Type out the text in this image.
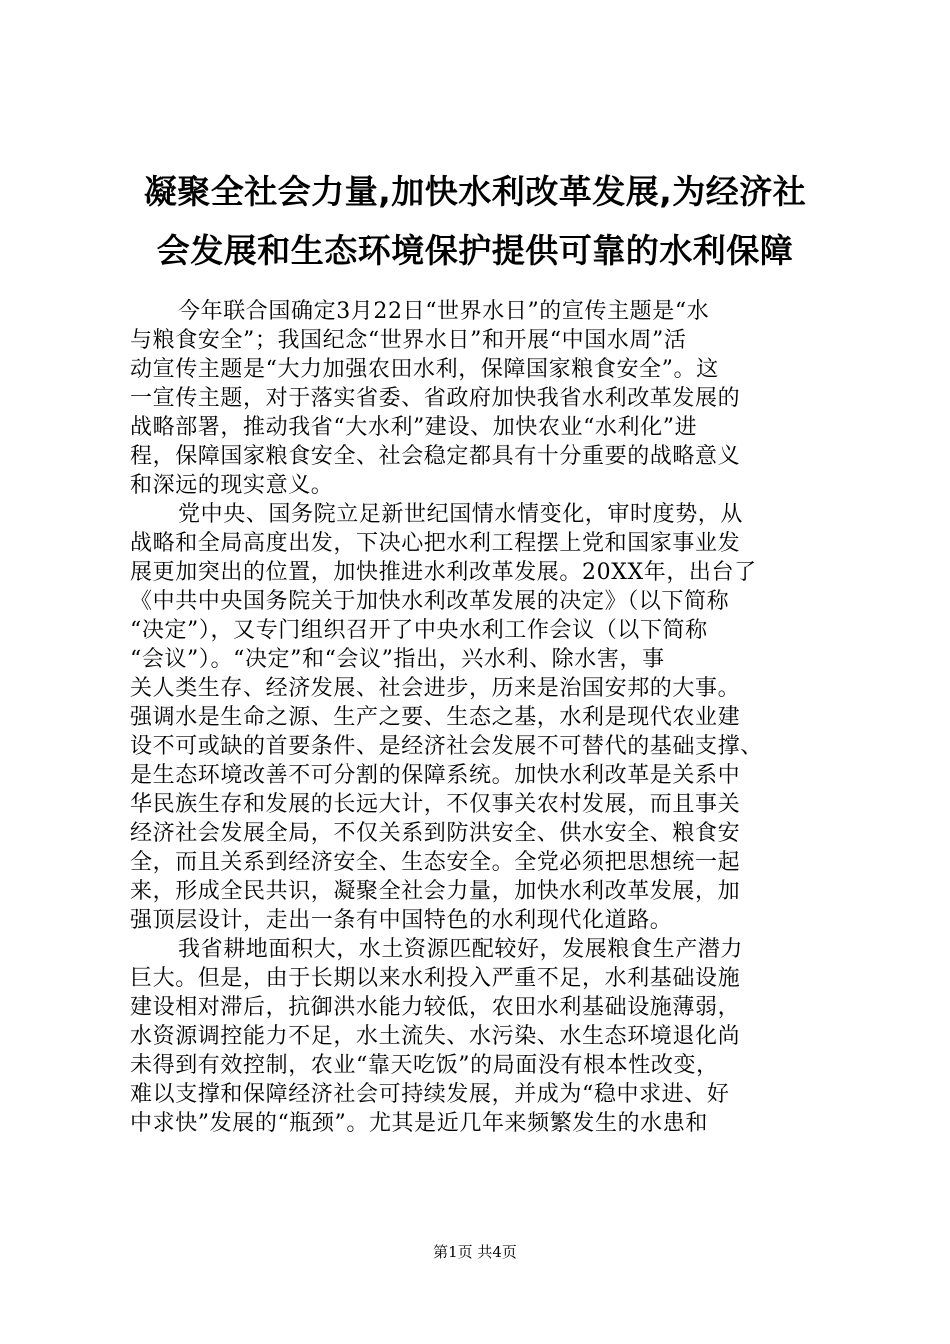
凝聚全社会力量,加快水利改革发展,为经济社
会发展和生态环境保护提供可靠的水利保障
今年联合国确定3月22日“世界水日”的宣传主题是“水
与粮食安全”；我国纪念“世界水日”和开展“中国水周”活
动宣传主题是“大力加强农田水利，保障国家粮食安全”。这
一宣传主题，对于落实省委、省政府加快我省水利改革发展的
战略部署，推动我省“大水利”建设、加快农业“水利化”进
程，保障国家粮食安全、社会稳定都具有十分重要的战略意义
和深远的现实意义。
党中央、国务院立足新世纪国情水情变化，审时度势，从
战略和全局高度出发，下决心把水利工程摆上党和国家事业发
展更加突出的位置，加快推进水利改革发展。20XX年，出台了
《中共中央国务院关于加快水利改革发展的决定》（以下简称
“决定”），又专门组织召开了中央水利工作会议（以下简称
“会议”）。“决定”和“会议”指出，兴水利、除水害，事
关人类生存、经济发展、社会进步，历来是治国安邦的大事。
强调水是生命之源、生产之要、生态之基，水利是现代农业建
设不可或缺的首要条件、是经济社会发展不可替代的基础支撑、
是生态环境改善不可分割的保障系统。加快水利改革是关系中
华民族生存和发展的长远大计，不仅事关农村发展，而且事关
经济社会发展全局，不仅关系到防洪安全、供水安全、粮食安
全，而且关系到经济安全、生态安全。全党必须把思想统一起
来，形成全民共识，凝聚全社会力量，加快水利改革发展，加
强顶层设计，走出一条有中国特色的水利现代化道路。
我省耕地面积大，水土资源匹配较好，发展粮食生产潜力
巨大。但是，由于长期以来水利投入严重不足，水利基础设施
建设相对滞后，抗御洪水能力较低，农田水利基础设施薄弱，
水资源调控能力不足，水土流失、水污染、水生态环境退化尚
未得到有效控制，农业“靠天吃饭”的局面没有根本性改变，
难以支撑和保障经济社会可持续发展，并成为“稳中求进、好
中求快”发展的“瓶颈”。尤其是近几年来频繁发生的水患和
第1页 共4页
